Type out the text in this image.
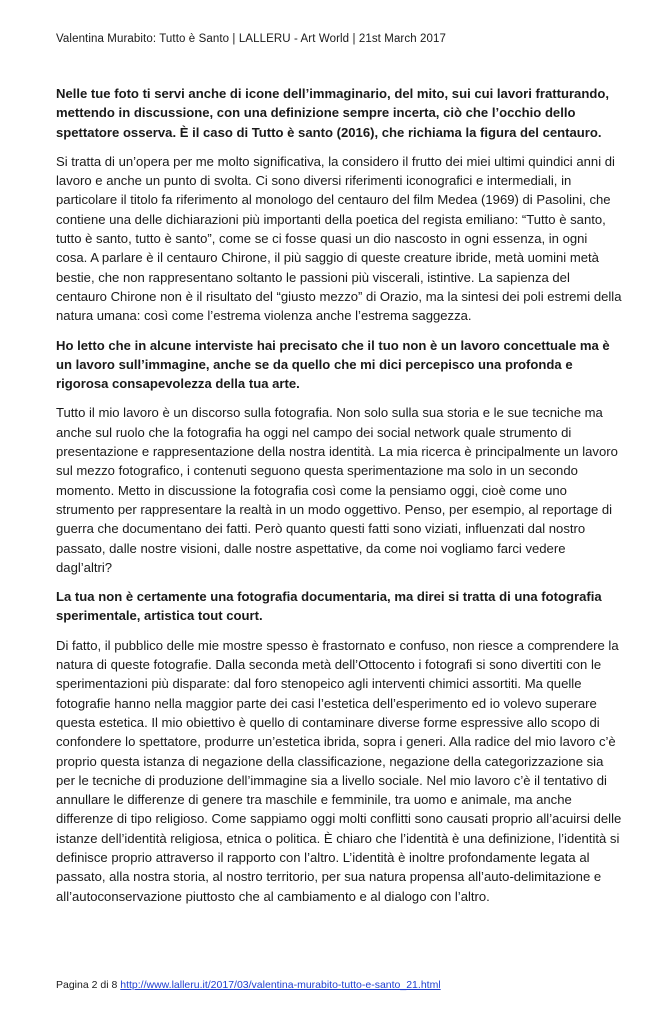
Valentina Murabito: Tutto è Santo | LALLERU - Art World | 21st March 2017

Nelle tue foto ti servi anche di icone dell’immaginario, del mito, sui cui lavori fratturando, mettendo in discussione, con una definizione sempre incerta, ciò che l’occhio dello spettatore osserva. È il caso di Tutto è santo (2016), che richiama la figura del centauro.

Si tratta di un’opera per me molto significativa, la considero il frutto dei miei ultimi quindici anni di lavoro e anche un punto di svolta. Ci sono diversi riferimenti iconografici e intermediali, in particolare il titolo fa riferimento al monologo del centauro del film Medea (1969) di Pasolini, che contiene una delle dichiarazioni più importanti della poetica del regista emiliano: “Tutto è santo, tutto è santo, tutto è santo”, come se ci fosse quasi un dio nascosto in ogni essenza, in ogni cosa. A parlare è il centauro Chirone, il più saggio di queste creature ibride, metà uomini metà bestie, che non rappresentano soltanto le passioni più viscerali, istintive. La sapienza del centauro Chirone non è il risultato del “giusto mezzo” di Orazio, ma la sintesi dei poli estremi della natura umana: così come l’estrema violenza anche l’estrema saggezza.

Ho letto che in alcune interviste hai precisato che il tuo non è un lavoro concettuale ma è un lavoro sull’immagine, anche se da quello che mi dici percepisco una profonda e rigorosa consapevolezza della tua arte.

Tutto il mio lavoro è un discorso sulla fotografia. Non solo sulla sua storia e le sue tecniche ma anche sul ruolo che la fotografia ha oggi nel campo dei social network quale strumento di presentazione e rappresentazione della nostra identità. La mia ricerca è principalmente un lavoro sul mezzo fotografico, i contenuti seguono questa sperimentazione ma solo in un secondo momento. Metto in discussione la fotografia così come la pensiamo oggi, cioè come uno strumento per rappresentare la realtà in un modo oggettivo. Penso, per esempio, al reportage di guerra che documentano dei fatti. Però quanto questi fatti sono viziati, influenzati dal nostro passato, dalle nostre visioni, dalle nostre aspettative, da come noi vogliamo farci vedere dagl’altri?

La tua non è certamente una fotografia documentaria, ma direi si tratta di una fotografia sperimentale, artistica tout court.

Di fatto, il pubblico delle mie mostre spesso è frastornato e confuso, non riesce a comprendere la natura di queste fotografie. Dalla seconda metà dell’Ottocento i fotografi si sono divertiti con le sperimentazioni più disparate: dal foro stenopeico agli interventi chimici assortiti. Ma quelle fotografie hanno nella maggior parte dei casi l’estetica dell’esperimento ed io volevo superare questa estetica. Il mio obiettivo è quello di contaminare diverse forme espressive allo scopo di confondere lo spettatore, produrre un’estetica ibrida, sopra i generi. Alla radice del mio lavoro c’è proprio questa istanza di negazione della classificazione, negazione della categorizzazione sia per le tecniche di produzione dell’immagine sia a livello sociale. Nel mio lavoro c’è il tentativo di annullare le differenze di genere tra maschile e femminile, tra uomo e animale, ma anche differenze di tipo religioso. Come sappiamo oggi molti conflitti sono causati proprio all’acuirsi delle istanze dell’identità religiosa, etnica o politica. È chiaro che l’identità è una definizione, l’identità si definisce proprio attraverso il rapporto con l’altro. L’identità è inoltre profondamente legata al passato, alla nostra storia, al nostro territorio, per sua natura propensa all’auto-delimitazione e all’autoconservazione piuttosto che al cambiamento e al dialogo con l’altro.

Pagina 2 di 8 http://www.lalleru.it/2017/03/valentina-murabito-tutto-e-santo_21.html
